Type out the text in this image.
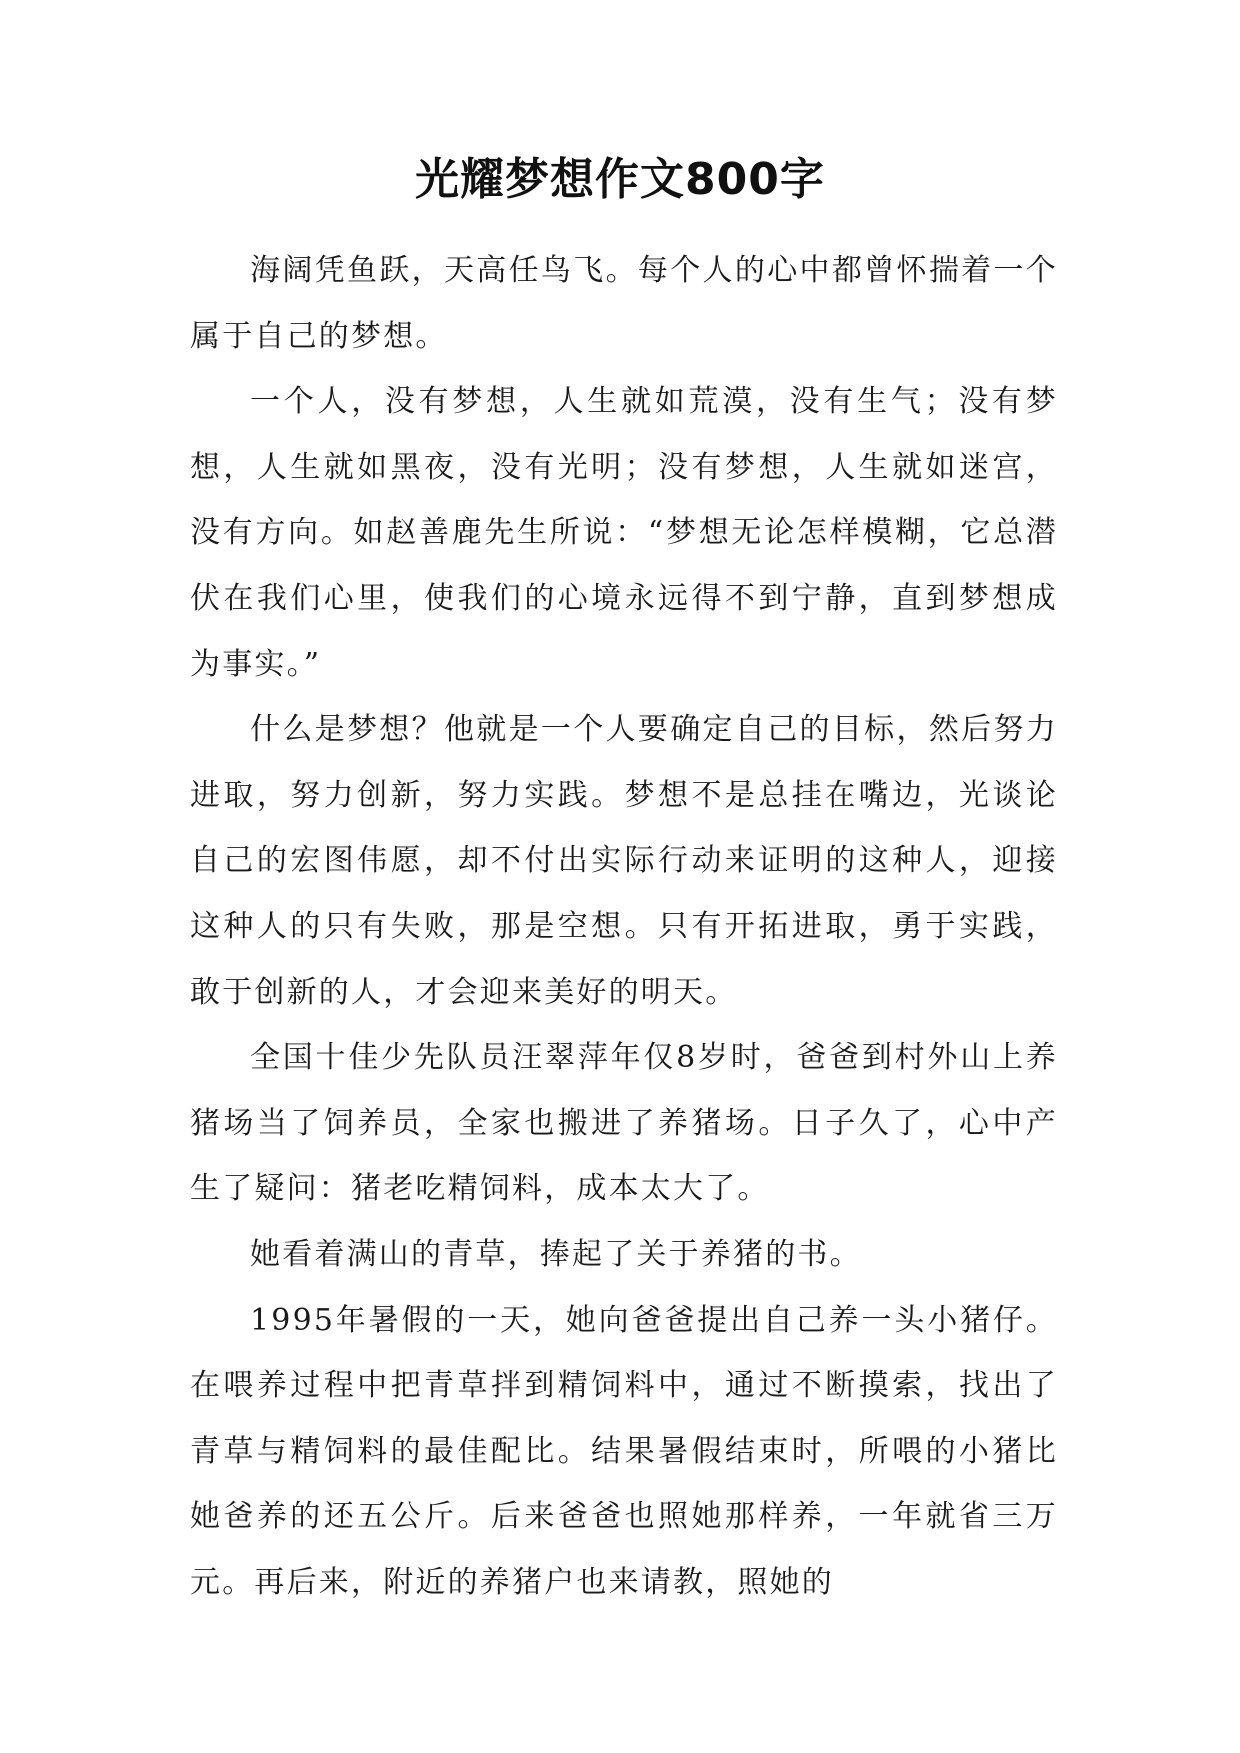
光耀梦想作文800字

海阔凭鱼跃，天高任鸟飞。每个人的心中都曾怀揣着一个属于自己的梦想。

一个人，没有梦想，人生就如荒漠，没有生气；没有梦想，人生就如黑夜，没有光明；没有梦想，人生就如迷宫，没有方向。如赵善鹿先生所说：“梦想无论怎样模糊，它总潜伏在我们心里，使我们的心境永远得不到宁静，直到梦想成为事实。”

什么是梦想？他就是一个人要确定自己的目标，然后努力进取，努力创新，努力实践。梦想不是总挂在嘴边，光谈论自己的宏图伟愿，却不付出实际行动来证明的这种人，迎接这种人的只有失败，那是空想。只有开拓进取，勇于实践，敢于创新的人，才会迎来美好的明天。

全国十佳少先队员汪翠萍年仅8岁时，爸爸到村外山上养猪场当了饲养员，全家也搬进了养猪场。日子久了，心中产生了疑问：猪老吃精饲料，成本太大了。

她看着满山的青草，捧起了关于养猪的书。

1995年暑假的一天，她向爸爸提出自己养一头小猪仔。在喂养过程中把青草拌到精饲料中，通过不断摸索，找出了青草与精饲料的最佳配比。结果暑假结束时，所喂的小猪比她爸养的还五公斤。后来爸爸也照她那样养，一年就省三万元。再后来，附近的养猪户也来请教，照她的
